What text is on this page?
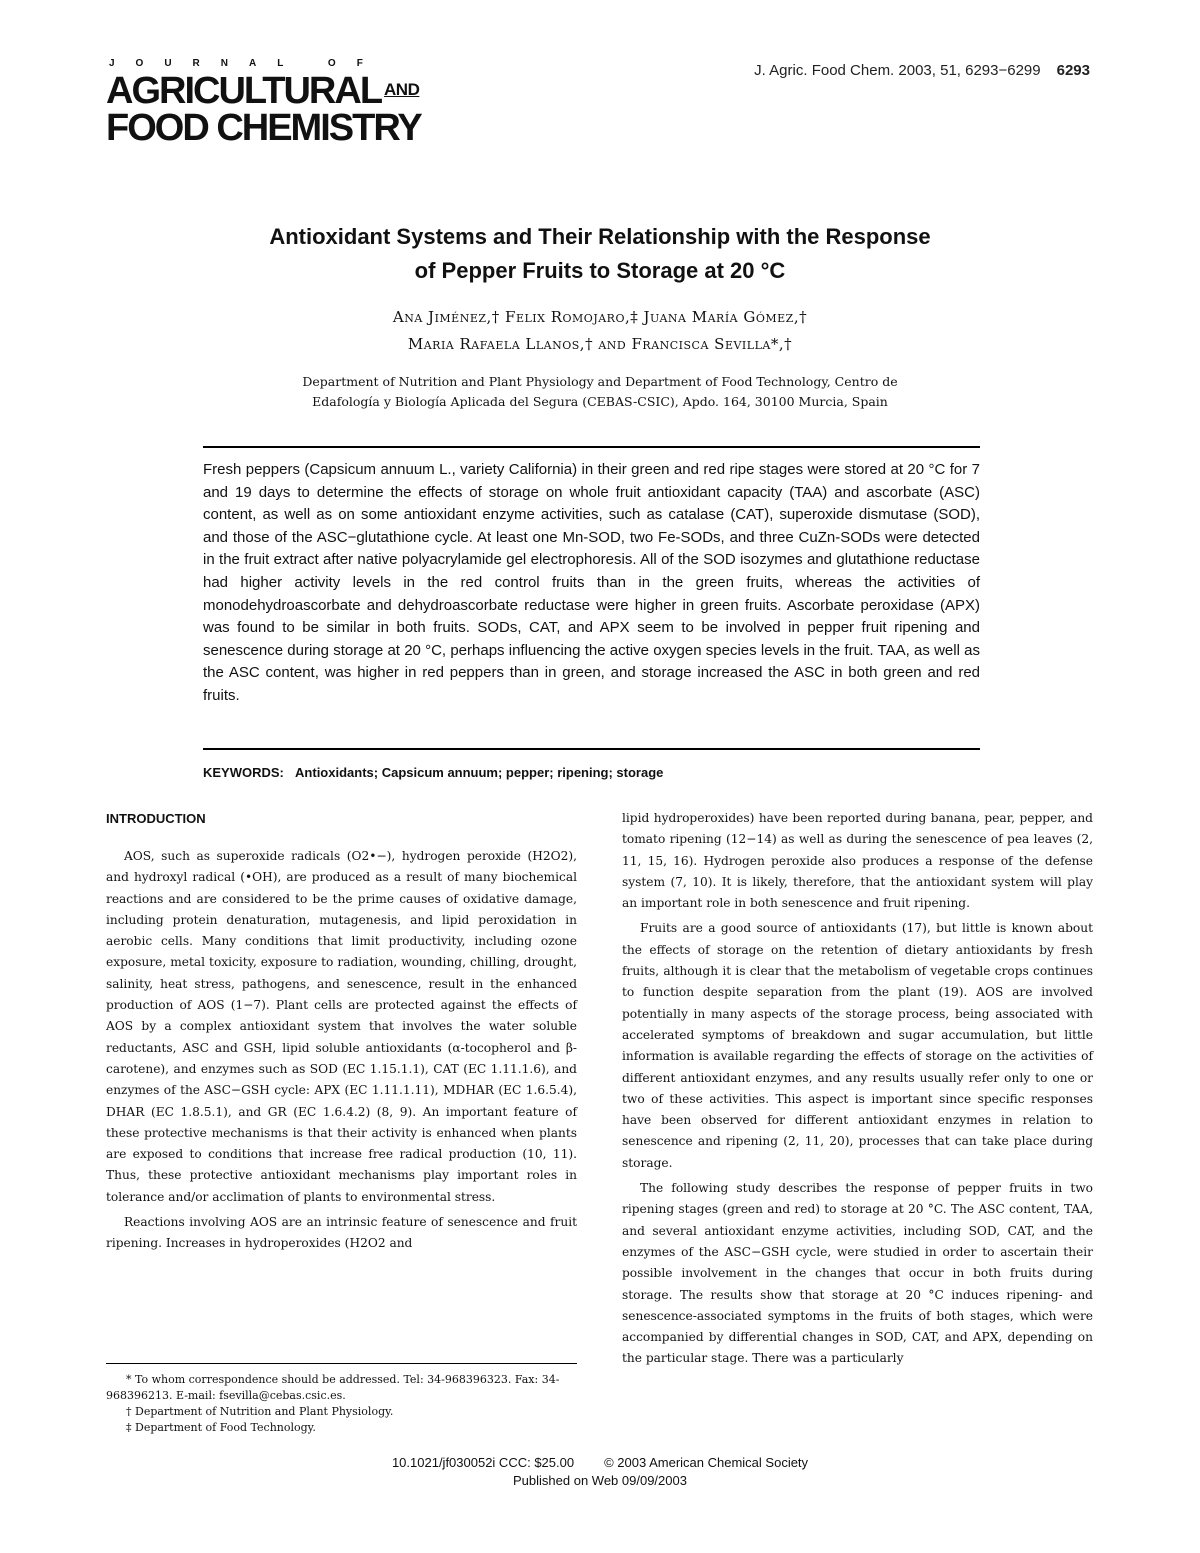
JOURNAL OF
AGRICULTURAL $^{AND}$
FOOD CHEMISTRY
J. Agric. Food Chem. 2003, 51, 6293−6299 6293
Antioxidant Systems and Their Relationship with the Response
of Pepper Fruits to Storage at 20 °C
Ana Jiménez,† Felix Romojaro,‡ Juana María Gómez,†
Maria Rafaela Llanos,† and Francisca Sevilla*,†
Department of Nutrition and Plant Physiology and Department of Food Technology, Centro de
Edafología y Biología Aplicada del Segura (CEBAS-CSIC), Apdo. 164, 30100 Murcia, Spain
Fresh peppers (Capsicum annuum L., variety California) in their green and red ripe stages were stored at 20 °C for 7 and 19 days to determine the effects of storage on whole fruit antioxidant capacity (TAA) and ascorbate (ASC) content, as well as on some antioxidant enzyme activities, such as catalase (CAT), superoxide dismutase (SOD), and those of the ASC−glutathione cycle. At least one Mn-SOD, two Fe-SODs, and three CuZn-SODs were detected in the fruit extract after native polyacrylamide gel electrophoresis. All of the SOD isozymes and glutathione reductase had higher activity levels in the red control fruits than in the green fruits, whereas the activities of monodehydroascorbate and dehydroascorbate reductase were higher in green fruits. Ascorbate peroxidase (APX) was found to be similar in both fruits. SODs, CAT, and APX seem to be involved in pepper fruit ripening and senescence during storage at 20 °C, perhaps influencing the active oxygen species levels in the fruit. TAA, as well as the ASC content, was higher in red peppers than in green, and storage increased the ASC in both green and red fruits.
KEYWORDS: Antioxidants; Capsicum annuum; pepper; ripening; storage
INTRODUCTION

AOS, such as superoxide radicals (O2•−), hydrogen peroxide (H2O2), and hydroxyl radical (•OH), are produced as a result of many biochemical reactions and are considered to be the prime causes of oxidative damage, including protein denaturation, mutagenesis, and lipid peroxidation in aerobic cells. Many conditions that limit productivity, including ozone exposure, metal toxicity, exposure to radiation, wounding, chilling, drought, salinity, heat stress, pathogens, and senescence, result in the enhanced production of AOS (1−7). Plant cells are protected against the effects of AOS by a complex antioxidant system that involves the water soluble reductants, ASC and GSH, lipid soluble antioxidants (α-tocopherol and β-carotene), and enzymes such as SOD (EC 1.15.1.1), CAT (EC 1.11.1.6), and enzymes of the ASC−GSH cycle: APX (EC 1.11.1.11), MDHAR (EC 1.6.5.4), DHAR (EC 1.8.5.1), and GR (EC 1.6.4.2) (8, 9). An important feature of these protective mechanisms is that their activity is enhanced when plants are exposed to conditions that increase free radical production (10, 11). Thus, these protective antioxidant mechanisms play important roles in tolerance and/or acclimation of plants to environmental stress.

Reactions involving AOS are an intrinsic feature of senescence and fruit ripening. Increases in hydroperoxides (H2O2 and

lipid hydroperoxides) have been reported during banana, pear, pepper, and tomato ripening (12−14) as well as during the senescence of pea leaves (2, 11, 15, 16). Hydrogen peroxide also produces a response of the defense system (7, 10). It is likely, therefore, that the antioxidant system will play an important role in both senescence and fruit ripening.

Fruits are a good source of antioxidants (17), but little is known about the effects of storage on the retention of dietary antioxidants by fresh fruits, although it is clear that the metabolism of vegetable crops continues to function despite separation from the plant (19). AOS are involved potentially in many aspects of the storage process, being associated with accelerated symptoms of breakdown and sugar accumulation, but little information is available regarding the effects of storage on the activities of different antioxidant enzymes, and any results usually refer only to one or two of these activities. This aspect is important since specific responses have been observed for different antioxidant enzymes in relation to senescence and ripening (2, 11, 20), processes that can take place during storage.

The following study describes the response of pepper fruits in two ripening stages (green and red) to storage at 20 °C. The ASC content, TAA, and several antioxidant enzyme activities, including SOD, CAT, and the enzymes of the ASC−GSH cycle, were studied in order to ascertain their possible involvement in the changes that occur in both fruits during storage. The results show that storage at 20 °C induces ripening- and senescence-associated symptoms in the fruits of both stages, which were accompanied by differential changes in SOD, CAT, and APX, depending on the particular stage. There was a particularly

* To whom correspondence should be addressed. Tel: 34-968396323. Fax: 34-968396213. E-mail: fsevilla@cebas.csic.es.

† Department of Nutrition and Plant Physiology.

‡ Department of Food Technology.

10.1021/jf030052i CCC: $25.00 © 2003 American Chemical Society
Published on Web 09/09/2003
